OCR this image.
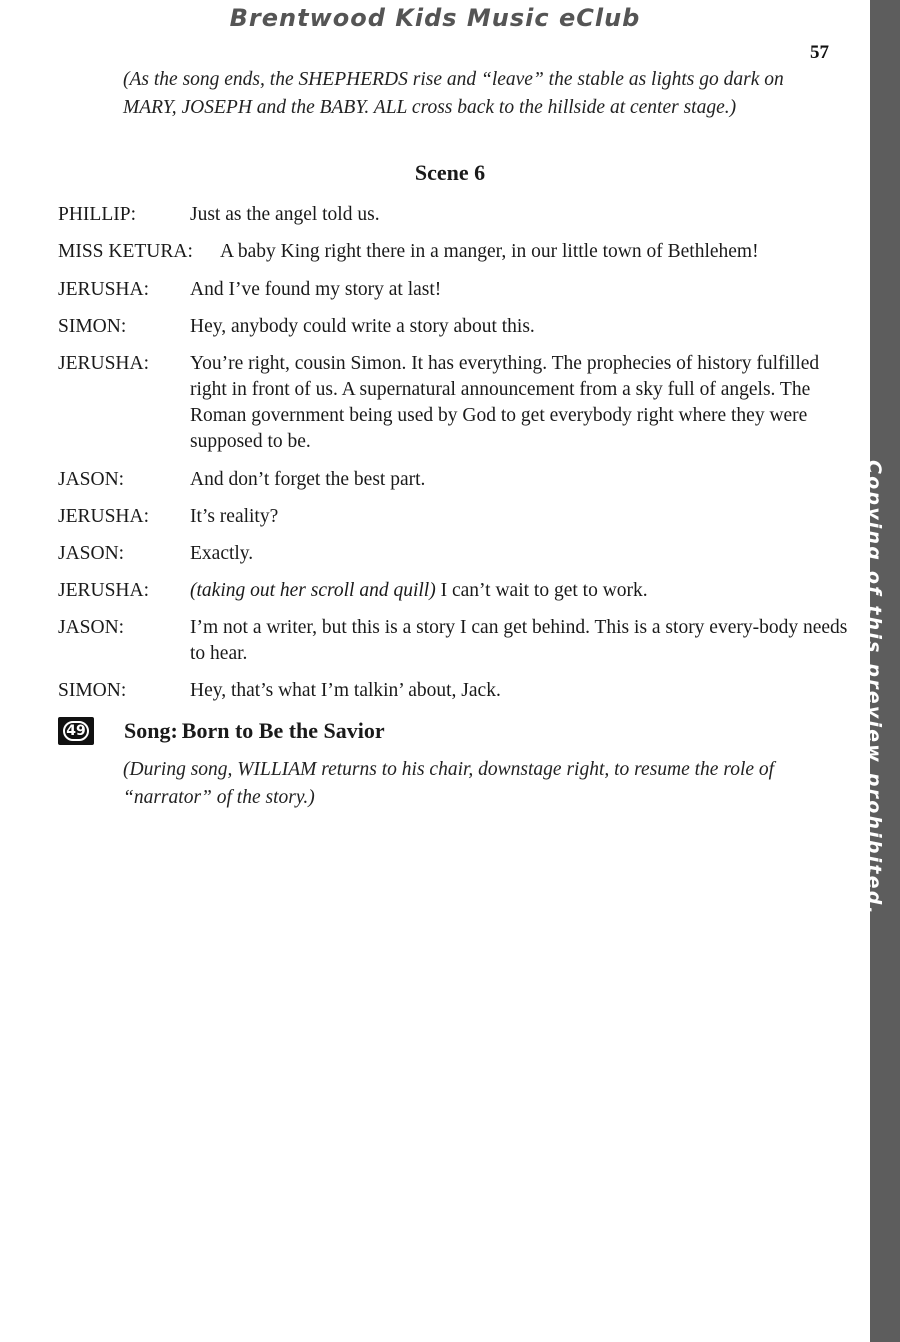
Brentwood Kids Music eClub
57
Copying of this preview prohibited.
(As the song ends, the SHEPHERDS rise and “leave” the stable as lights go dark on MARY, JOSEPH and the BABY. ALL cross back to the hillside at center stage.)
Scene 6
PHILLIP:	Just as the angel told us.
MISS KETURA: A baby King right there in a manger, in our little town of Bethlehem!
JERUSHA: And I’ve found my story at last!
SIMON:	Hey, anybody could write a story about this.
JERUSHA: You’re right, cousin Simon. It has everything. The prophecies of history fulfilled right in front of us. A supernatural announcement from a sky full of angels. The Roman government being used by God to get everybody right where they were supposed to be.
JASON:	And don’t forget the best part.
JERUSHA: It’s reality?
JASON:	Exactly.
JERUSHA: (taking out her scroll and quill) I can’t wait to get to work.
JASON:	I’m not a writer, but this is a story I can get behind. This is a story every-body needs to hear.
SIMON:	Hey, that’s what I’m talkin’ about, Jack.
49 Song: Born to Be the Savior
(During song, WILLIAM returns to his chair, downstage right, to resume the role of “narrator” of the story.)
